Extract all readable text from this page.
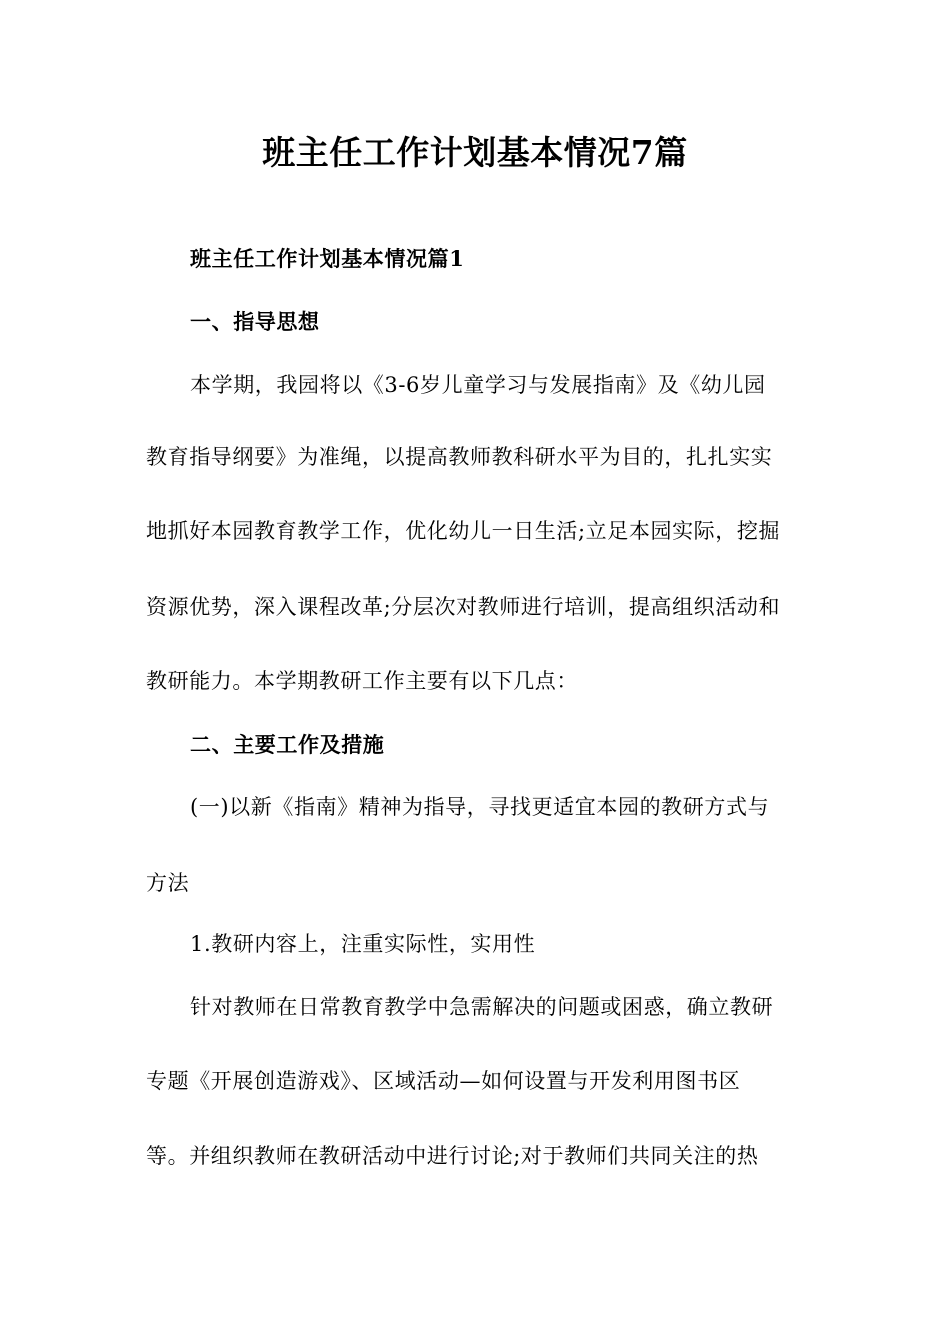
班主任工作计划基本情况7篇
班主任工作计划基本情况篇1
一、指导思想
本学期，我园将以《3-6岁儿童学习与发展指南》及《幼儿园
教育指导纲要》为准绳，以提高教师教科研水平为目的，扎扎实实
地抓好本园教育教学工作，优化幼儿一日生活;立足本园实际，挖掘
资源优势，深入课程改革;分层次对教师进行培训，提高组织活动和
教研能力。本学期教研工作主要有以下几点：
二、主要工作及措施
(一)以新《指南》精神为指导，寻找更适宜本园的教研方式与
方法
1.教研内容上，注重实际性，实用性
针对教师在日常教育教学中急需解决的问题或困惑，确立教研
专题《开展创造游戏》、区域活动—如何设置与开发利用图书区
等。并组织教师在教研活动中进行讨论;对于教师们共同关注的热
